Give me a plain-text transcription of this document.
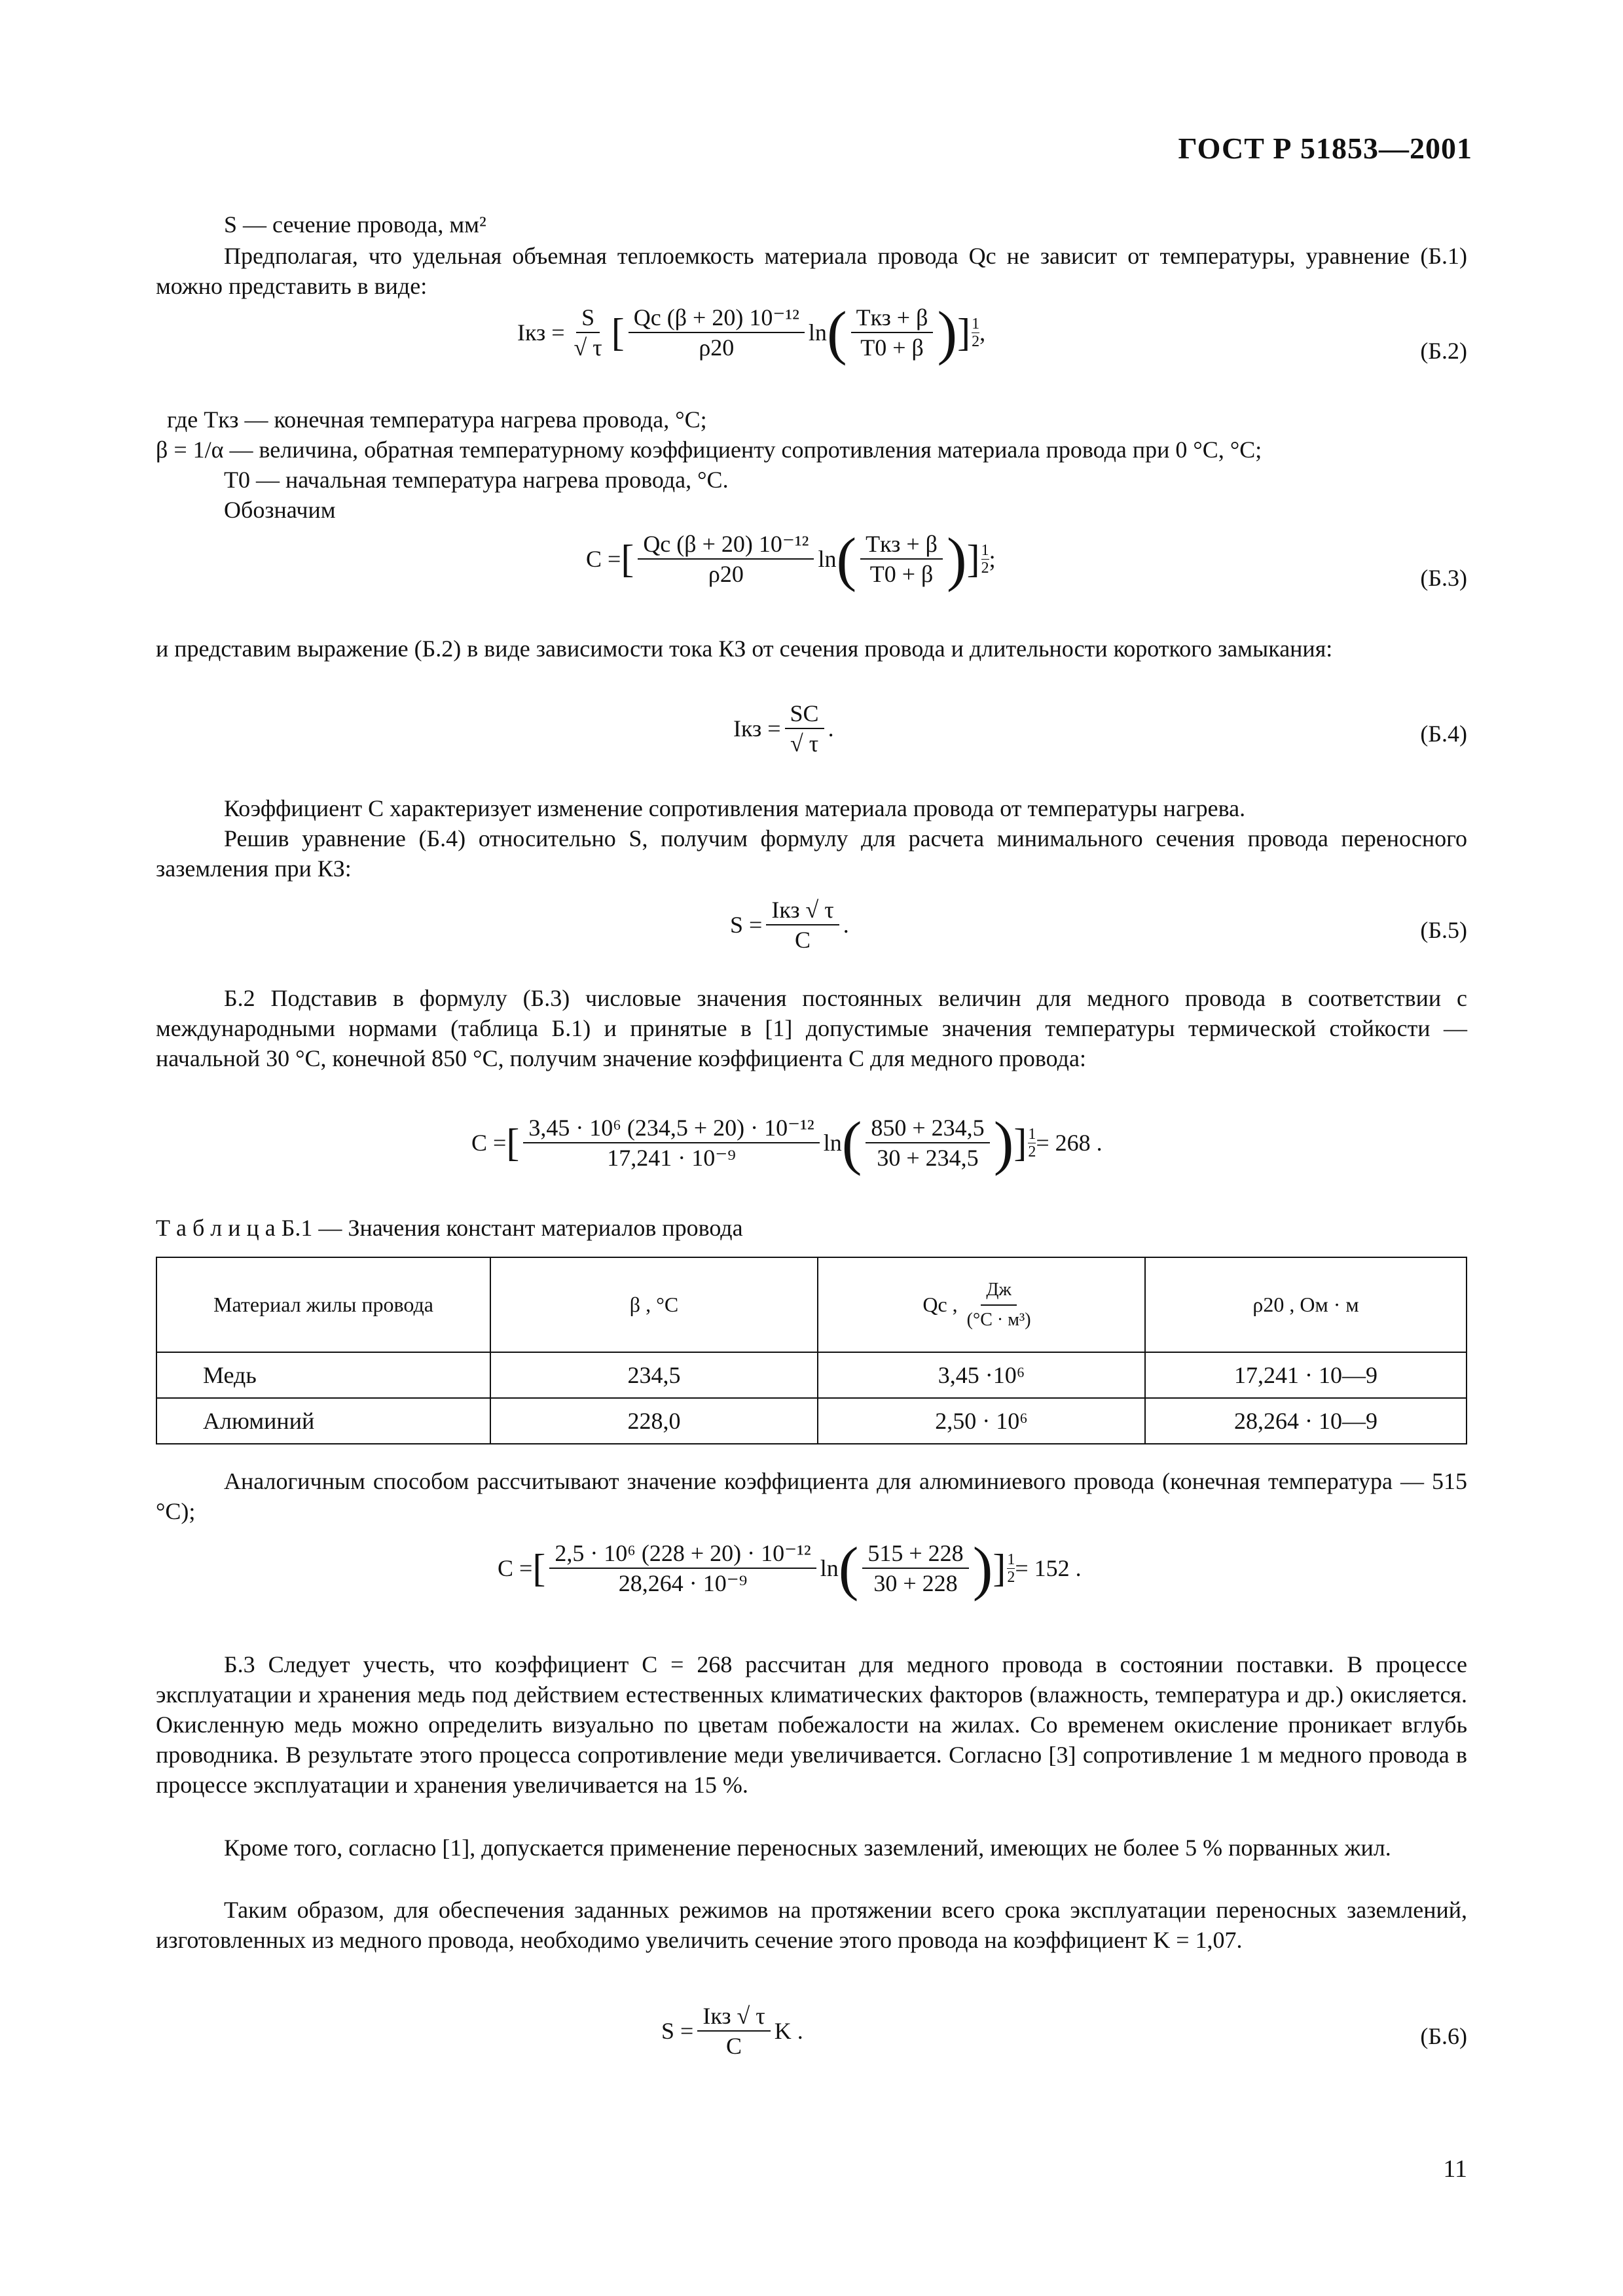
ГОСТ Р 51853—2001
S — сечение провода, мм²
Предполагая, что удельная объемная теплоемкость материала провода Qс не зависит от температуры, уравнение (Б.1) можно представить в виде:
Iкз = $\frac{S}{√ \tau}$ [ $\frac{\text{Qс (β + 20) 10⁻¹²}}{\rho 20}$ ln ( $\frac{\text{Tкз + β}}{T0 + \beta}$ ) ] 1
2 ,
(Б.2)
где Tкз — конечная температура нагрева провода, °C;
β = 1/α — величина, обратная температурному коэффициенту сопротивления материала провода при 0 °C, °C;
T0 — начальная температура нагрева провода, °C.
Обозначим
C = [ $\frac{\text{Qс (β + 20) 10⁻¹²}}{\rho 20}$ ln ( $\frac{\text{Tкз + β}}{T0 + \beta}$ ) ] 1
2 ;
(Б.3)
и представим выражение (Б.2) в виде зависимости тока КЗ от сечения провода и длительности короткого замыкания:
Iкз = $\frac{SC}{√ \tau}$ .	(Б.4)
Коэффициент C характеризует изменение сопротивления материала провода от температуры нагрева.
Решив уравнение (Б.4) относительно S, получим формулу для расчета минимального сечения провода переносного заземления при КЗ:
$S = \frac{\text{Iкз √ τ}}{C}$ .	(Б.5)
Б.2 Подставив в формулу (Б.3) числовые значения постоянных величин для медного провода в соответствии с международными нормами (таблица Б.1) и принятые в [1] допустимые значения температуры термической стойкости — начальной 30 °C, конечной 850 °C, получим значение коэффициента C для медного провода:
C = [ $\frac{\text{3,45 · 10⁶ (234,5 + 20) · 10⁻¹²}}{\text{17,241 · 10⁻⁹}}$ ln ( $\frac{850 + 234,5}{30 + 234,5}$ ) ] $\frac{1}{2} = 268$ .
Т а б л и ц а Б.1 — Значения констант материалов провода
Материал жилы провода	β , °C	Qс , $\frac{Дж}{\text{(°C · м³)}}$	ρ20 , Ом · м
Медь	234,5	3,45 ·10⁶	17,241 · 10—9
Алюминий	228,0	2,50 · 10⁶	28,264 · 10—9
Аналогичным способом рассчитывают значение коэффициента для алюминиевого провода (конечная температура — 515 °C);
C = [ $\frac{\text{2,5 · 10⁶ (228 + 20) · 10⁻¹²}}{\text{28,264 · 10⁻⁹}}$ ln ( $\frac{515 + 228}{30 + 228}$ ) ] $\frac{1}{2} = 152$ .
Б.3 Следует учесть, что коэффициент C = 268 рассчитан для медного провода в состоянии поставки. В процессе эксплуатации и хранения медь под действием естественных климатических факторов (влажность, температура и др.) окисляется. Окисленную медь можно определить визуально по цветам побежалости на жилах. Со временем окисление проникает вглубь проводника. В результате этого процесса сопротивление меди увеличивается. Согласно [3] сопротивление 1 м медного провода в процессе эксплуатации и хранения увеличивается на 15 %.
Кроме того, согласно [1], допускается применение переносных заземлений, имеющих не более 5 % порванных жил.
Таким образом, для обеспечения заданных режимов на протяжении всего срока эксплуатации переносных заземлений, изготовленных из медного провода, необходимо увеличить сечение этого провода на коэффициент K = 1,07.
$S = \frac{\text{Iкз √ τ}}{C}$ K .	(Б.6)
11
